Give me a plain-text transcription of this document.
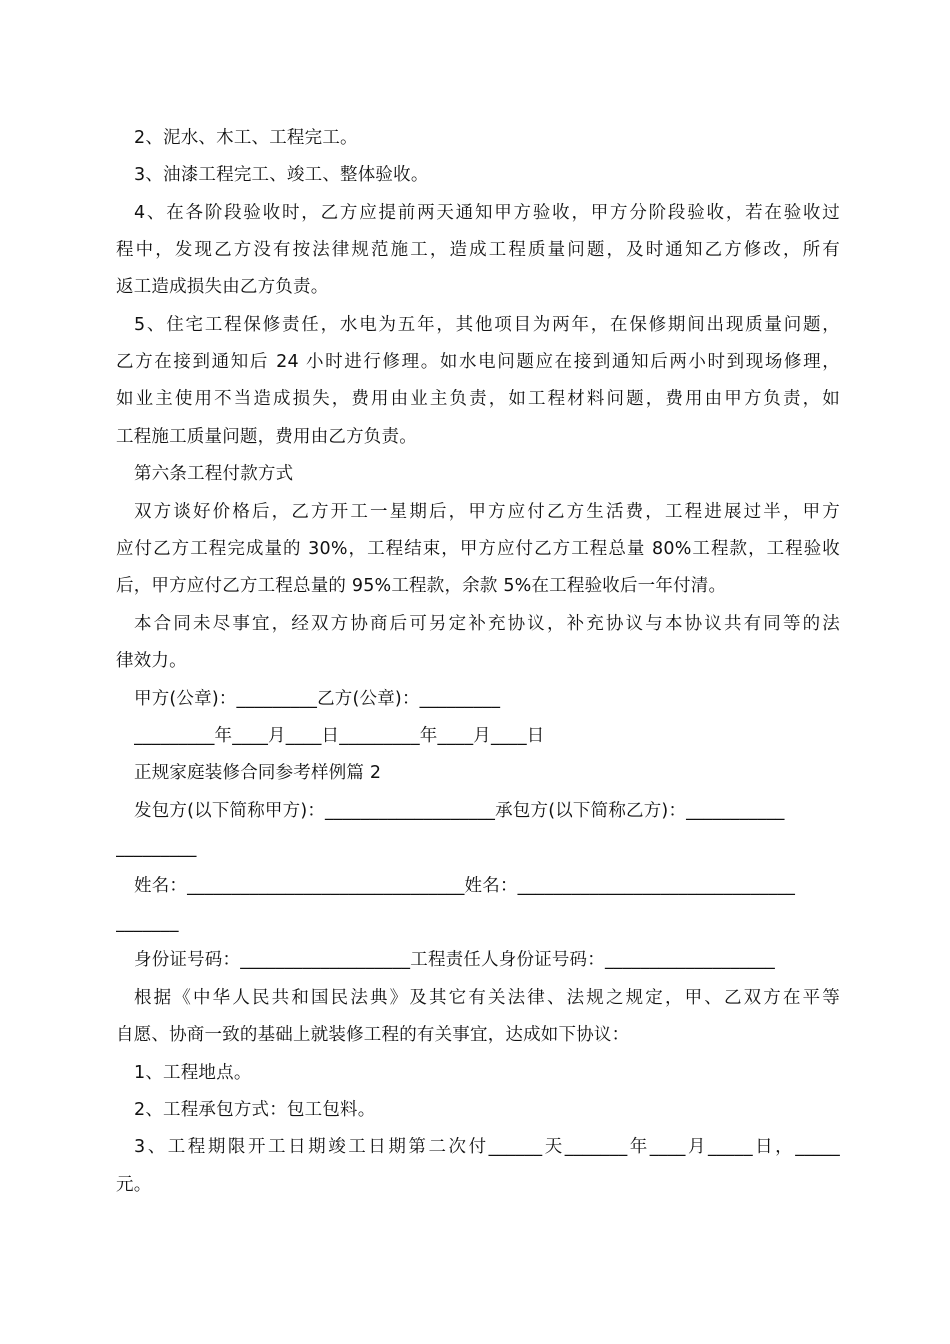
2、泥水、木工、工程完工。
3、油漆工程完工、竣工、整体验收。
4、在各阶段验收时，乙方应提前两天通知甲方验收，甲方分阶段验收，若在验收过
程中，发现乙方没有按法律规范施工，造成工程质量问题，及时通知乙方修改，所有
返工造成损失由乙方负责。
5、住宅工程保修责任，水电为五年，其他项目为两年，在保修期间出现质量问题，
乙方在接到通知后 24 小时进行修理。如水电问题应在接到通知后两小时到现场修理，
如业主使用不当造成损失，费用由业主负责，如工程材料问题，费用由甲方负责，如
工程施工质量问题，费用由乙方负责。
第六条工程付款方式
双方谈好价格后，乙方开工一星期后，甲方应付乙方生活费，工程进展过半，甲方
应付乙方工程完成量的 30%，工程结束，甲方应付乙方工程总量 80%工程款，工程验收
后，甲方应付乙方工程总量的 95%工程款，余款 5%在工程验收后一年付清。
本合同未尽事宜，经双方协商后可另定补充协议，补充协议与本协议共有同等的法
律效力。
甲方(公章)：_________乙方(公章)：_________
_________年____月____日_________年____月____日
正规家庭装修合同参考样例篇 2
发包方(以下简称甲方)：___________________承包方(以下简称乙方)：___________
_________
姓名：_______________________________姓名：_______________________________
_______
身份证号码：___________________工程责任人身份证号码：___________________
根据《中华人民共和国民法典》及其它有关法律、法规之规定，甲、乙双方在平等
自愿、协商一致的基础上就装修工程的有关事宜，达成如下协议：
1、工程地点。
2、工程承包方式：包工包料。
3、工程期限开工日期竣工日期第二次付______天_______年____月_____日，_____
元。
